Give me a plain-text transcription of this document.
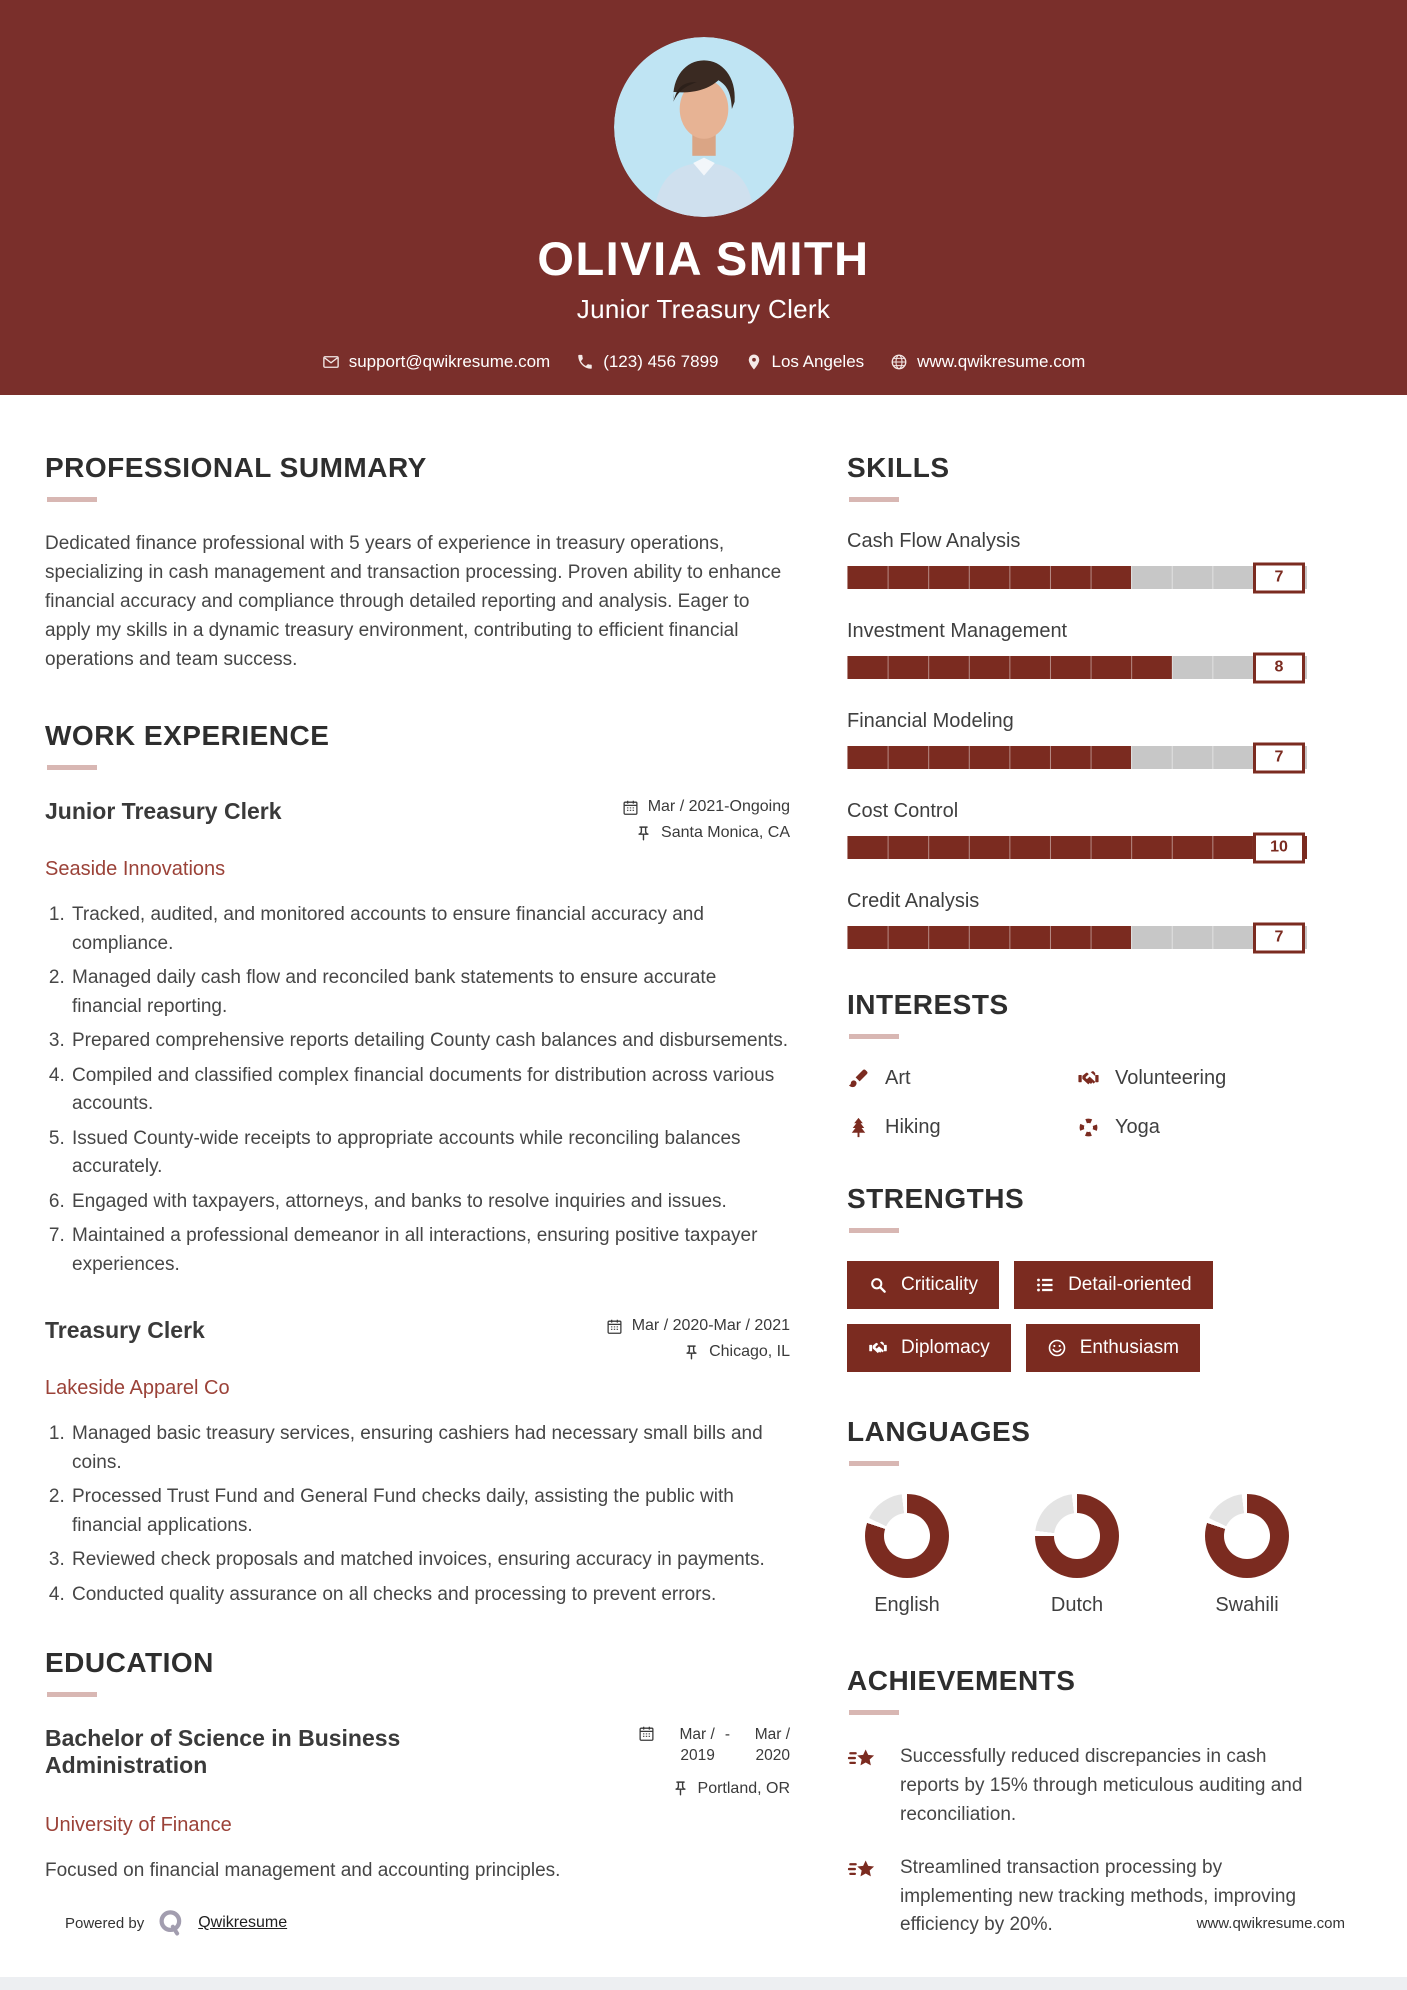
OLIVIA SMITH
Junior Treasury Clerk
support@qwikresume.com	(123) 456 7899	Los Angeles	www.qwikresume.com
PROFESSIONAL SUMMARY

Dedicated finance professional with 5 years of experience in treasury operations, specializing in cash management and transaction processing. Proven ability to enhance financial accuracy and compliance through detailed reporting and analysis. Eager to apply my skills in a dynamic treasury environment, contributing to efficient financial operations and team success.

WORK EXPERIENCE
Junior Treasury Clerk	Mar / 2021-Ongoing
Santa Monica, CA
Seaside Innovations
1. Tracked, audited, and monitored accounts to ensure financial accuracy and compliance.
2. Managed daily cash flow and reconciled bank statements to ensure accurate financial reporting.
3. Prepared comprehensive reports detailing County cash balances and disbursements.
4. Compiled and classified complex financial documents for distribution across various accounts.
5. Issued County-wide receipts to appropriate accounts while reconciling balances accurately.
6. Engaged with taxpayers, attorneys, and banks to resolve inquiries and issues.
7. Maintained a professional demeanor in all interactions, ensuring positive taxpayer experiences.
Treasury Clerk	Mar / 2020-Mar / 2021
Chicago, IL
Lakeside Apparel Co
1. Managed basic treasury services, ensuring cashiers had necessary small bills and coins.
2. Processed Trust Fund and General Fund checks daily, assisting the public with financial applications.
3. Reviewed check proposals and matched invoices, ensuring accuracy in payments.
4. Conducted quality assurance on all checks and processing to prevent errors.
EDUCATION
Bachelor of Science in Business Administration
Mar / 2019
-	Mar / 2020
Portland, OR
University of Finance

Focused on financial management and accounting principles.

SKILLS
Cash Flow Analysis
7
Investment Management
8
Financial Modeling
7
Cost Control
10
Credit Analysis
7
INTERESTS
Art	Volunteering
Hiking	Yoga
STRENGTHS
Criticality	Detail-oriented
Diplomacy	Enthusiasm
LANGUAGES
English	Dutch	Swahili
ACHIEVEMENTS

Successfully reduced discrepancies in cash reports by 15% through meticulous auditing and reconciliation.

Streamlined transaction processing by implementing new tracking methods, improving efficiency by 20%.

Powered by	Qwikresume	www.qwikresume.com
